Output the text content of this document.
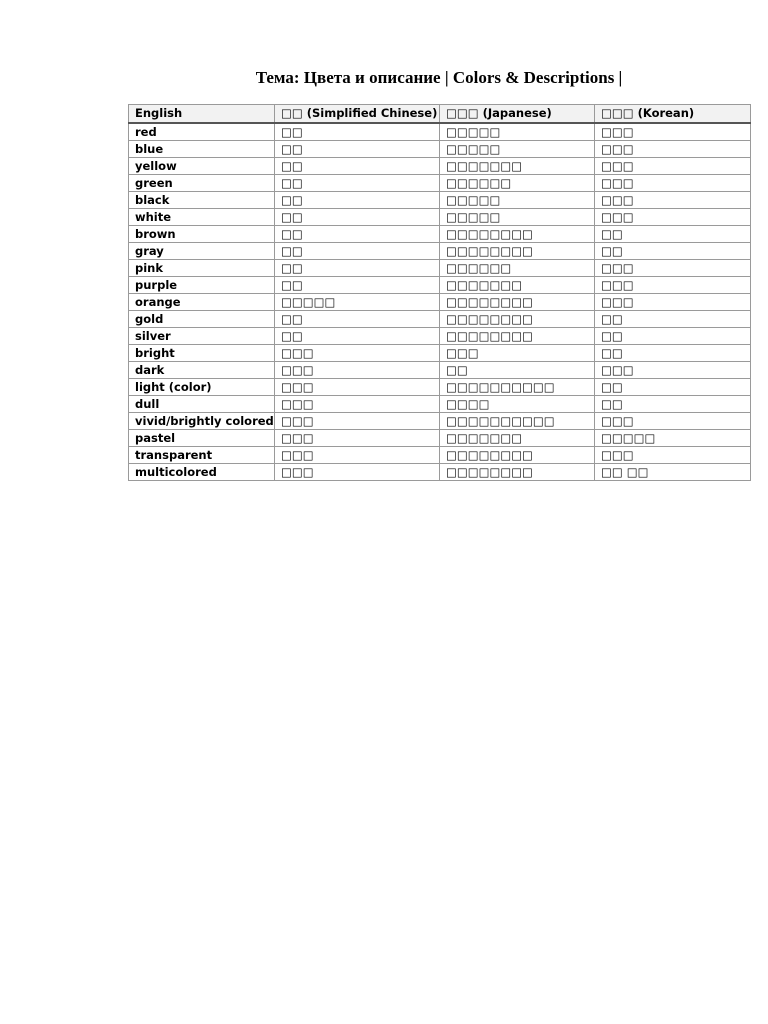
Тема: Цвета и описание | Colors & Descriptions |
English	□□ (Simplified Chinese)	□□□ (Japanese)	□□□ (Korean)
red	□□	□□□□□	□□□
blue	□□	□□□□□	□□□
yellow	□□	□□□□□□□	□□□
green	□□	□□□□□□	□□□
black	□□	□□□□□	□□□
white	□□	□□□□□	□□□
brown	□□	□□□□□□□□	□□
gray	□□	□□□□□□□□	□□
pink	□□	□□□□□□	□□□
purple	□□	□□□□□□□	□□□
orange	□□□□□	□□□□□□□□	□□□
gold	□□	□□□□□□□□	□□
silver	□□	□□□□□□□□	□□
bright	□□□	□□□	□□
dark	□□□	□□	□□□
light (color)	□□□	□□□□□□□□□□	□□
dull	□□□	□□□□	□□
vivid/brightly colored	□□□	□□□□□□□□□□	□□□
pastel	□□□	□□□□□□□	□□□□□
transparent	□□□	□□□□□□□□	□□□
multicolored	□□□	□□□□□□□□	□□ □□
